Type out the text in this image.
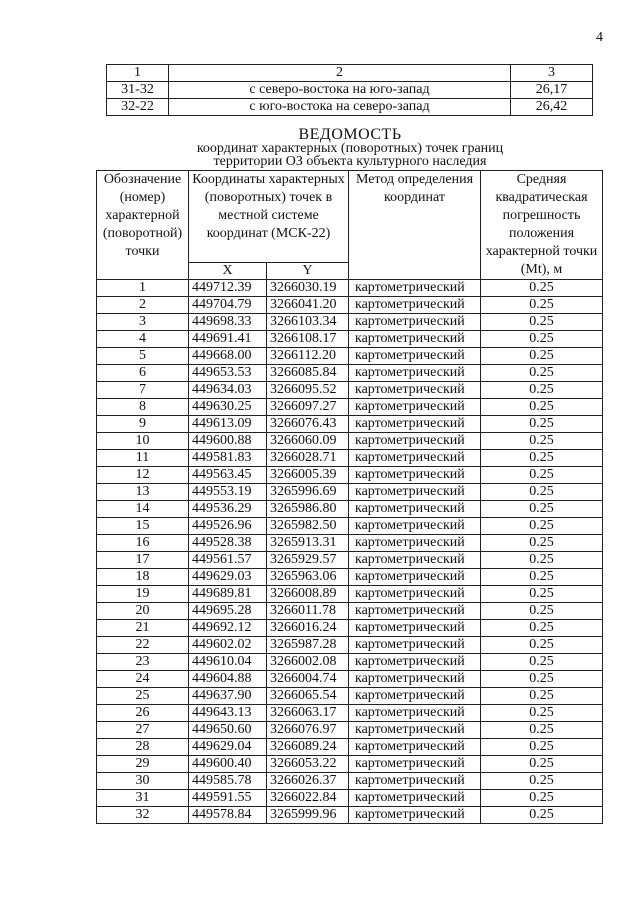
4
1	2	3
31-32	с северо-востока на юго-запад	26,17
32-22	с юго-востока на северо-запад	26,42
ВЕДОМОСТЬ
координат характерных (поворотных) точек границ
территории ОЗ объекта культурного наследия
Обозначение (номер) характерной (поворотной) точки	Координаты характерных (поворотных) точек в местной системе координат (МСК-22)		Метод определения координат	Средняя квадратическая погрешность положения характерной точки (Mt), м
	X	Y		
1	449712.39	3266030.19	картометрический	0.25
2	449704.79	3266041.20	картометрический	0.25
3	449698.33	3266103.34	картометрический	0.25
4	449691.41	3266108.17	картометрический	0.25
5	449668.00	3266112.20	картометрический	0.25
6	449653.53	3266085.84	картометрический	0.25
7	449634.03	3266095.52	картометрический	0.25
8	449630.25	3266097.27	картометрический	0.25
9	449613.09	3266076.43	картометрический	0.25
10	449600.88	3266060.09	картометрический	0.25
11	449581.83	3266028.71	картометрический	0.25
12	449563.45	3266005.39	картометрический	0.25
13	449553.19	3265996.69	картометрический	0.25
14	449536.29	3265986.80	картометрический	0.25
15	449526.96	3265982.50	картометрический	0.25
16	449528.38	3265913.31	картометрический	0.25
17	449561.57	3265929.57	картометрический	0.25
18	449629.03	3265963.06	картометрический	0.25
19	449689.81	3266008.89	картометрический	0.25
20	449695.28	3266011.78	картометрический	0.25
21	449692.12	3266016.24	картометрический	0.25
22	449602.02	3265987.28	картометрический	0.25
23	449610.04	3266002.08	картометрический	0.25
24	449604.88	3266004.74	картометрический	0.25
25	449637.90	3266065.54	картометрический	0.25
26	449643.13	3266063.17	картометрический	0.25
27	449650.60	3266076.97	картометрический	0.25
28	449629.04	3266089.24	картометрический	0.25
29	449600.40	3266053.22	картометрический	0.25
30	449585.78	3266026.37	картометрический	0.25
31	449591.55	3266022.84	картометрический	0.25
32	449578.84	3265999.96	картометрический	0.25
